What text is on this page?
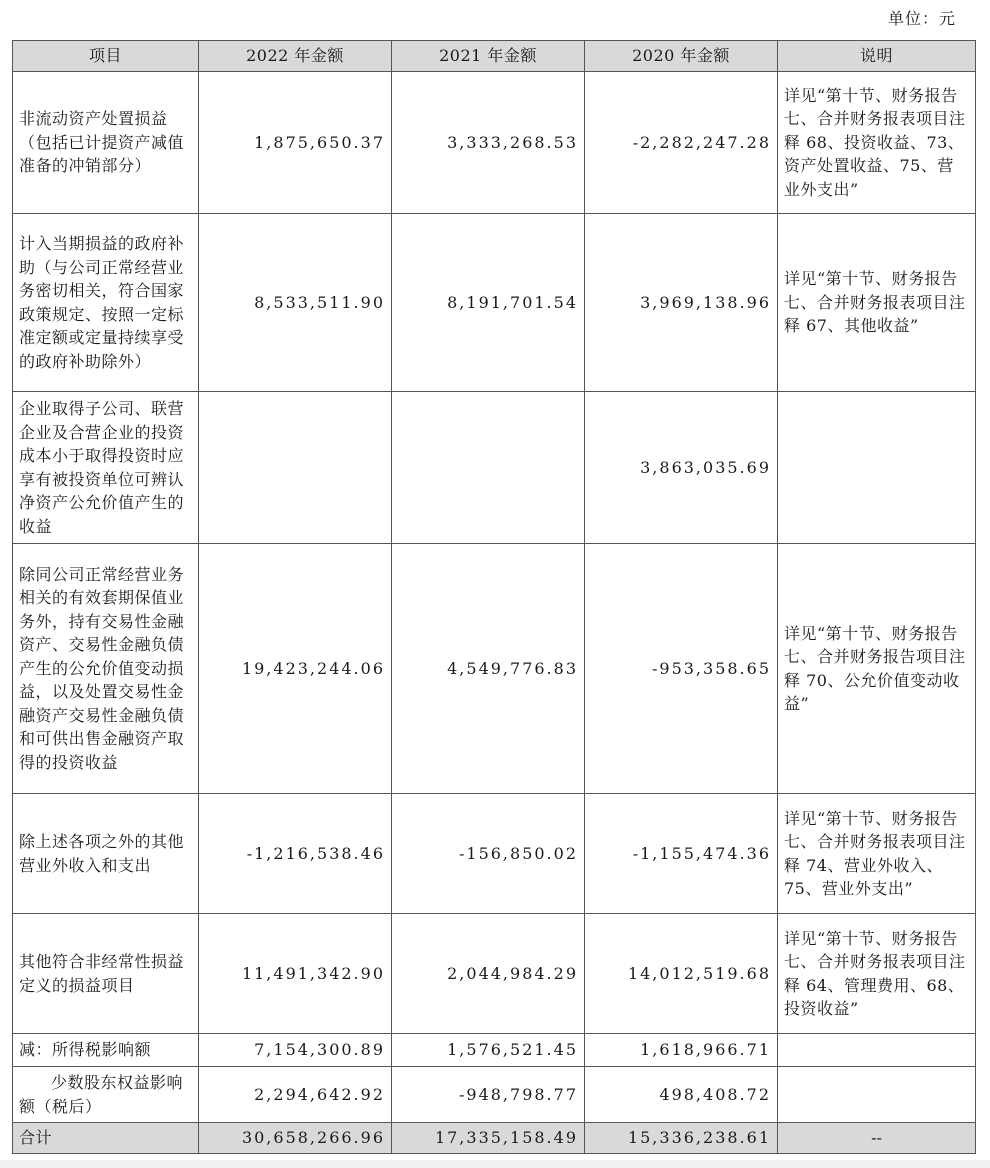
单位：元
项目	2022 年金额	2021 年金额	2020 年金额	说明
非流动资产处置损益（包括已计提资产减值准备的冲销部分）	1,875,650.37	3,333,268.53	-2,282,247.28	详见“第十节、财务报告七、合并财务报表项目注释 68、投资收益、73、资产处置收益、75、营业外支出”
计入当期损益的政府补助（与公司正常经营业务密切相关，符合国家政策规定、按照一定标准定额或定量持续享受的政府补助除外）	8,533,511.90	8,191,701.54	3,969,138.96	详见“第十节、财务报告七、合并财务报表项目注释 67、其他收益”
企业取得子公司、联营企业及合营企业的投资成本小于取得投资时应享有被投资单位可辨认净资产公允价值产生的收益			3,863,035.69	
除同公司正常经营业务相关的有效套期保值业务外，持有交易性金融资产、交易性金融负债产生的公允价值变动损益，以及处置交易性金融资产交易性金融负债和可供出售金融资产取得的投资收益	19,423,244.06	4,549,776.83	-953,358.65	详见“第十节、财务报告七、合并财务报告项目注释 70、公允价值变动收益”
除上述各项之外的其他营业外收入和支出	-1,216,538.46	-156,850.02	-1,155,474.36	详见“第十节、财务报告七、合并财务报表项目注释 74、营业外收入、75、营业外支出”
其他符合非经常性损益定义的损益项目	11,491,342.90	2,044,984.29	14,012,519.68	详见“第十节、财务报告七、合并财务报表项目注释 64、管理费用、68、投资收益”
减：所得税影响额	7,154,300.89	1,576,521.45	1,618,966.71	
少数股东权益影响额（税后）	2,294,642.92	-948,798.77	498,408.72	
合计	30,658,266.96	17,335,158.49	15,336,238.61	--
